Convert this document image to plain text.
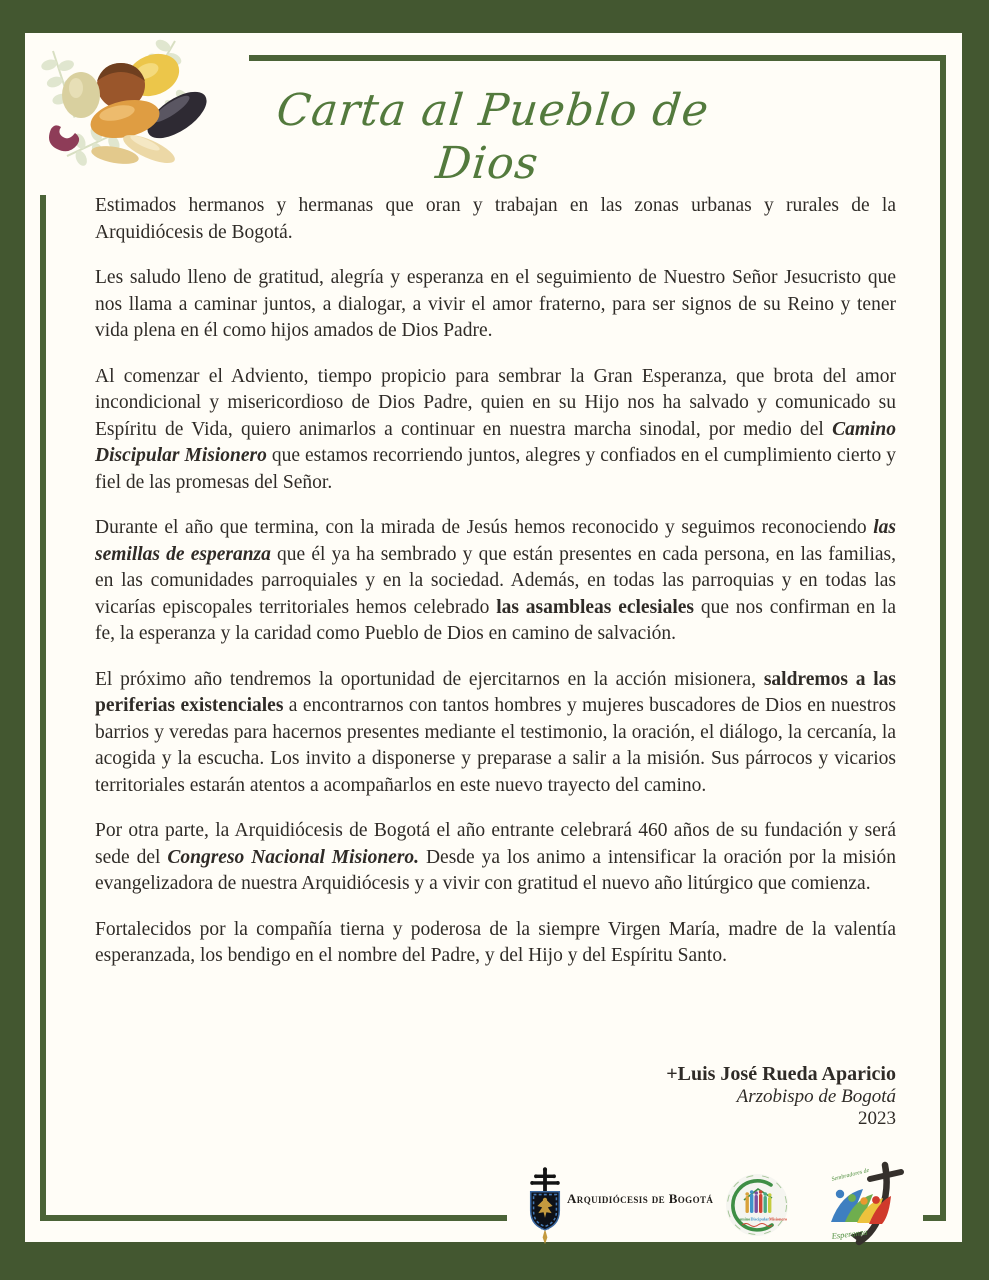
Carta al Pueblo de Dios

Estimados hermanos y hermanas que oran y trabajan en las zonas urbanas y rurales de la Arquidiócesis de Bogotá.

Les saludo lleno de gratitud, alegría y esperanza en el seguimiento de Nuestro Señor Jesucristo que nos llama a caminar juntos, a dialogar, a vivir el amor fraterno, para ser signos de su Reino y tener vida plena en él como hijos amados de Dios Padre.

Al comenzar el Adviento, tiempo propicio para sembrar la Gran Esperanza, que brota del amor incondicional y misericordioso de Dios Padre, quien en su Hijo nos ha salvado y comunicado su Espíritu de Vida, quiero animarlos a continuar en nuestra marcha sinodal, por medio del Camino Discipular Misionero que estamos recorriendo juntos, alegres y confiados en el cumplimiento cierto y fiel de las promesas del Señor.

Durante el año que termina, con la mirada de Jesús hemos reconocido y seguimos reconociendo las semillas de esperanza que él ya ha sembrado y que están presentes en cada persona, en las familias, en las comunidades parroquiales y en la sociedad. Además, en todas las parroquias y en todas las vicarías episcopales territoriales hemos celebrado las asambleas eclesiales que nos confirman en la fe, la esperanza y la caridad como Pueblo de Dios en camino de salvación.

El próximo año tendremos la oportunidad de ejercitarnos en la acción misionera, saldremos a las periferias existenciales a encontrarnos con tantos hombres y mujeres buscadores de Dios en nuestros barrios y veredas para hacernos presentes mediante el testimonio, la oración, el diálogo, la cercanía, la acogida y la escucha. Los invito a disponerse y preparase a salir a la misión. Sus párrocos y vicarios territoriales estarán atentos a acompañarlos en este nuevo trayecto del camino.

Por otra parte, la Arquidiócesis de Bogotá el año entrante celebrará 460 años de su fundación y será sede del Congreso Nacional Misionero. Desde ya los animo a intensificar la oración por la misión evangelizadora de nuestra Arquidiócesis y a vivir con gratitud el nuevo año litúrgico que comienza.

Fortalecidos por la compañía tierna y poderosa de la siempre Virgen María, madre de la valentía esperanzada, los bendigo en el nombre del Padre, y del Hijo y del Espíritu Santo.

+Luis José Rueda Aparicio
Arzobispo de Bogotá
2023
Arquidiócesis de Bogotá
Camino Discipular Misionero
Sembradores de
Esperanza
